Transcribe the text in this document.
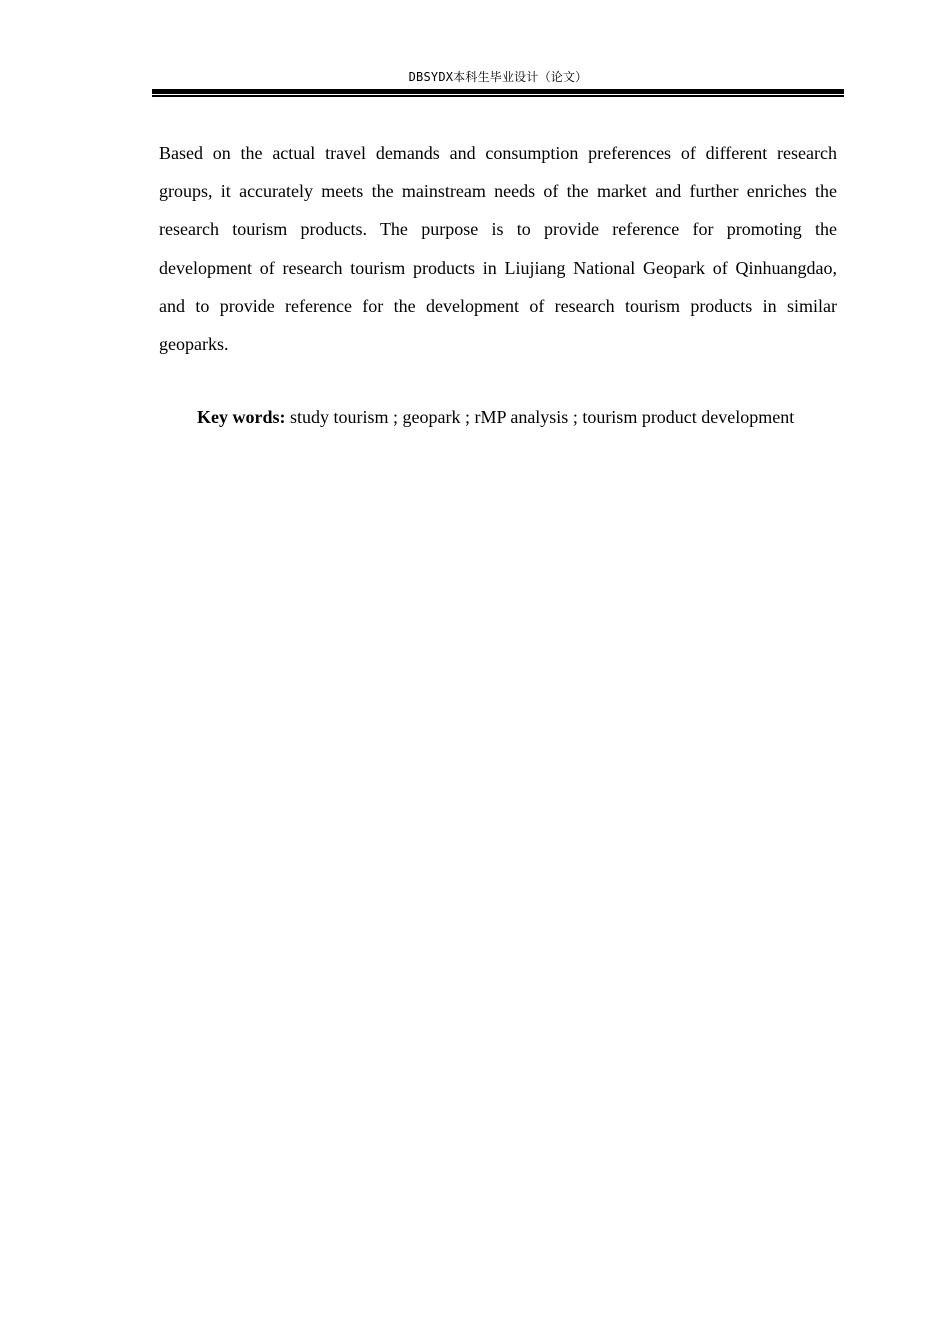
DBSYDX本科生毕业设计（论文）

Based on the actual travel demands and consumption preferences of different research groups, it accurately meets the mainstream needs of the market and further enriches the research tourism products. The purpose is to provide reference for promoting the development of research tourism products in Liujiang National Geopark of Qinhuangdao, and to provide reference for the development of research tourism products in similar geoparks.

Key words: study tourism ; geopark ; rMP analysis ; tourism product development
